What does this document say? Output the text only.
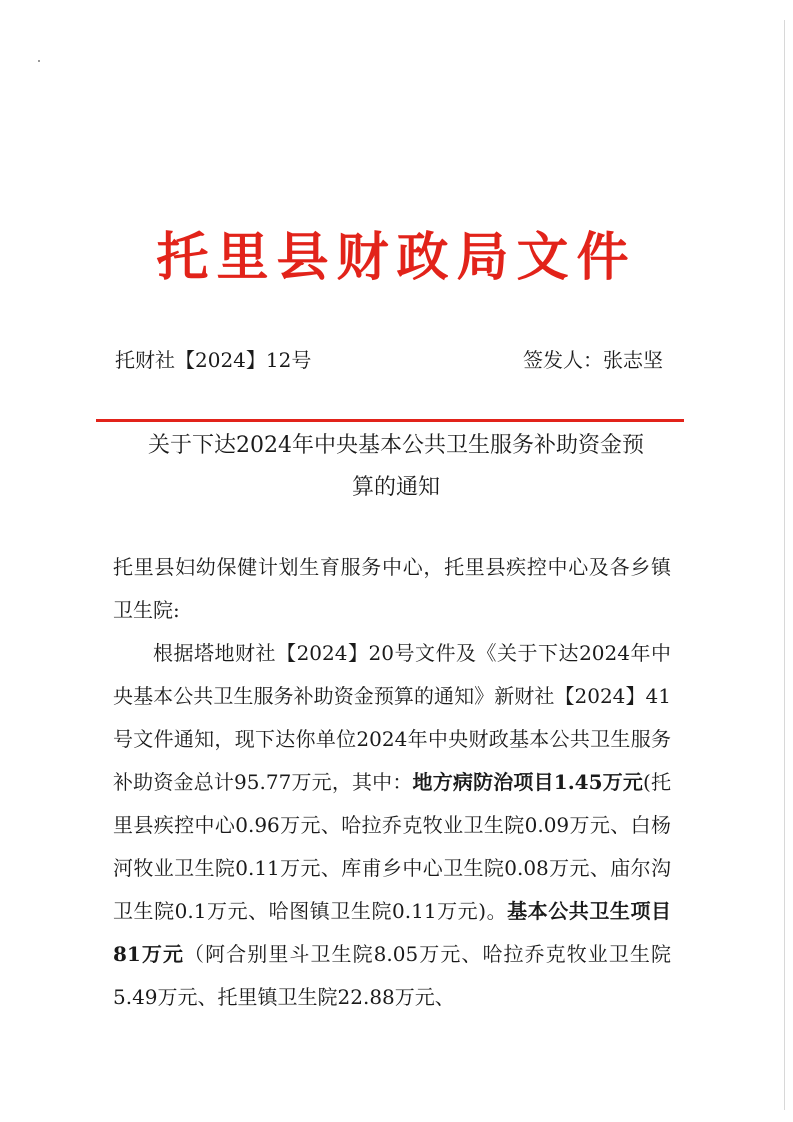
托里县财政局文件
托财社【2024】12号	签发人：张志坚
关于下达2024年中央基本公共卫生服务补助资金预
算的通知

托里县妇幼保健计划生育服务中心，托里县疾控中心及各乡镇卫生院:

根据塔地财社【2024】20号文件及《关于下达2024年中央基本公共卫生服务补助资金预算的通知》新财社【2024】41号文件通知，现下达你单位2024年中央财政基本公共卫生服务补助资金总计95.77万元，其中：地方病防治项目1.45万元(托里县疾控中心0.96万元、哈拉乔克牧业卫生院0.09万元、白杨河牧业卫生院0.11万元、库甫乡中心卫生院0.08万元、庙尔沟卫生院0.1万元、哈图镇卫生院0.11万元)。基本公共卫生项目81万元（阿合别里斗卫生院8.05万元、哈拉乔克牧业卫生院5.49万元、托里镇卫生院22.88万元、
